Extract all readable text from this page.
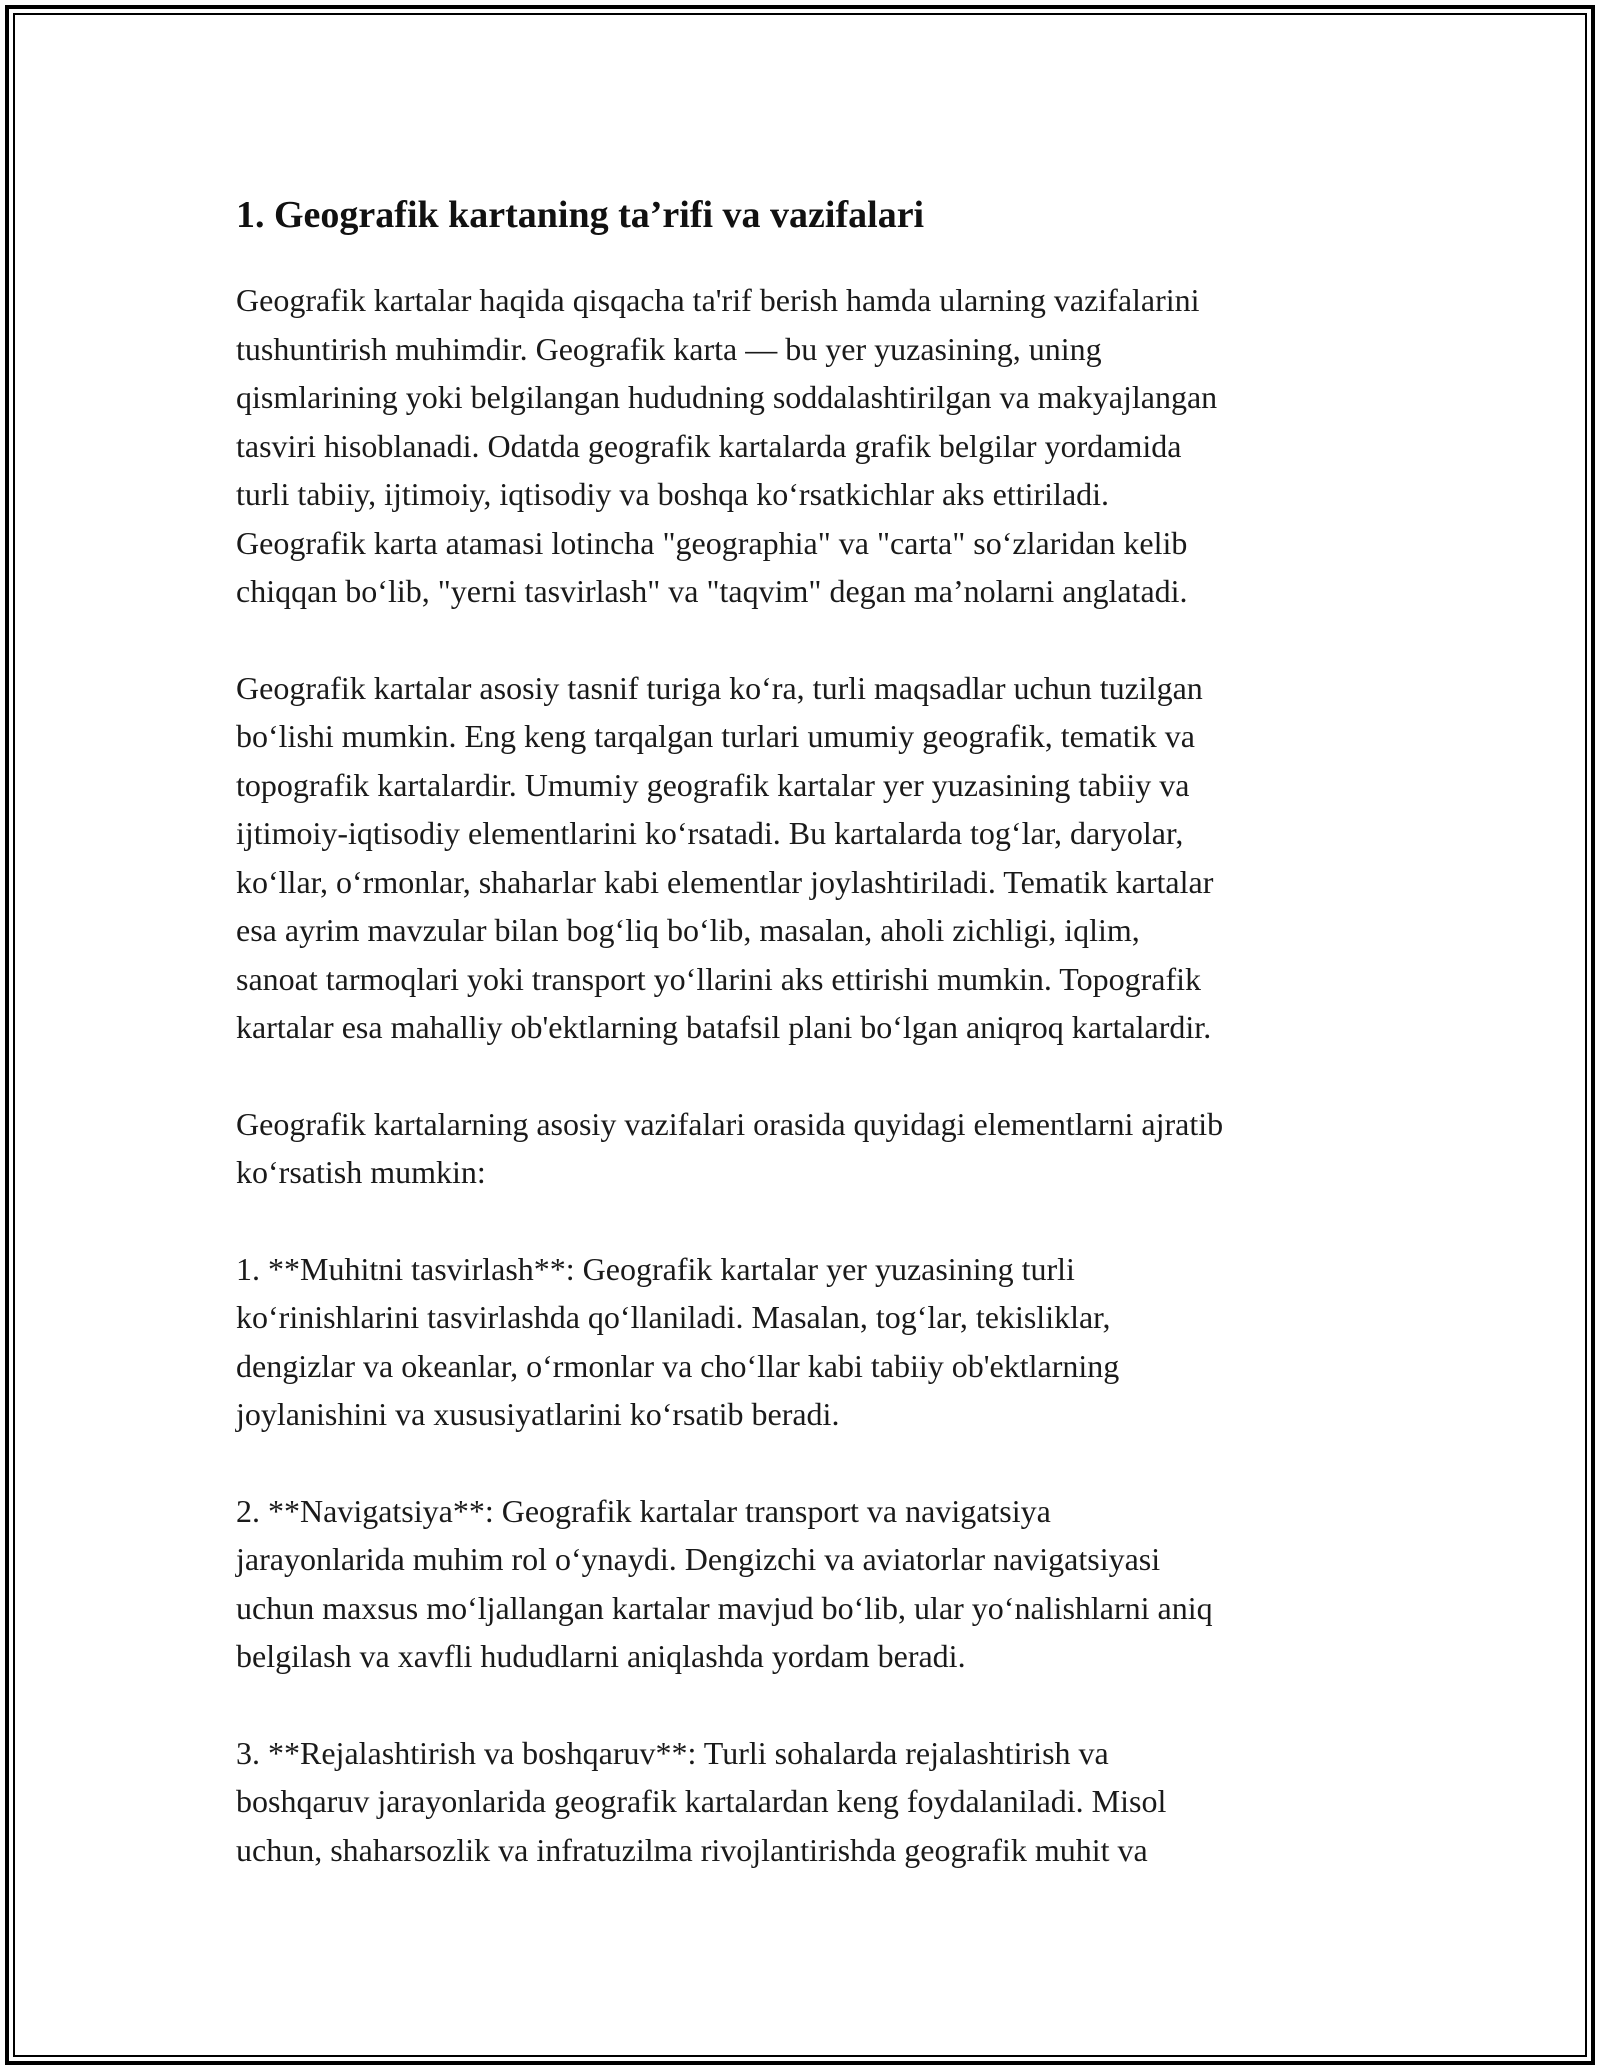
1. Geografik kartaning ta’rifi va vazifalari

Geografik kartalar haqida qisqacha ta'rif berish hamda ularning vazifalarini
tushuntirish muhimdir. Geografik karta — bu yer yuzasining, uning
qismlarining yoki belgilangan hududning soddalashtirilgan va makyajlangan
tasviri hisoblanadi. Odatda geografik kartalarda grafik belgilar yordamida
turli tabiiy, ijtimoiy, iqtisodiy va boshqa ko‘rsatkichlar aks ettiriladi.
Geografik karta atamasi lotincha "geographia" va "carta" so‘zlaridan kelib
chiqqan bo‘lib, "yerni tasvirlash" va "taqvim" degan ma’nolarni anglatadi.

Geografik kartalar asosiy tasnif turiga ko‘ra, turli maqsadlar uchun tuzilgan
bo‘lishi mumkin. Eng keng tarqalgan turlari umumiy geografik, tematik va
topografik kartalardir. Umumiy geografik kartalar yer yuzasining tabiiy va
ijtimoiy-iqtisodiy elementlarini ko‘rsatadi. Bu kartalarda tog‘lar, daryolar,
ko‘llar, o‘rmonlar, shaharlar kabi elementlar joylashtiriladi. Tematik kartalar
esa ayrim mavzular bilan bog‘liq bo‘lib, masalan, aholi zichligi, iqlim,
sanoat tarmoqlari yoki transport yo‘llarini aks ettirishi mumkin. Topografik
kartalar esa mahalliy ob'ektlarning batafsil plani bo‘lgan aniqroq kartalardir.

Geografik kartalarning asosiy vazifalari orasida quyidagi elementlarni ajratib
ko‘rsatish mumkin:

1. **Muhitni tasvirlash**: Geografik kartalar yer yuzasining turli
ko‘rinishlarini tasvirlashda qo‘llaniladi. Masalan, tog‘lar, tekisliklar,
dengizlar va okeanlar, o‘rmonlar va cho‘llar kabi tabiiy ob'ektlarning
joylanishini va xususiyatlarini ko‘rsatib beradi.

2. **Navigatsiya**: Geografik kartalar transport va navigatsiya
jarayonlarida muhim rol o‘ynaydi. Dengizchi va aviatorlar navigatsiyasi
uchun maxsus mo‘ljallangan kartalar mavjud bo‘lib, ular yo‘nalishlarni aniq
belgilash va xavfli hududlarni aniqlashda yordam beradi.

3. **Rejalashtirish va boshqaruv**: Turli sohalarda rejalashtirish va
boshqaruv jarayonlarida geografik kartalardan keng foydalaniladi. Misol
uchun, shaharsozlik va infratuzilma rivojlantirishda geografik muhit va
